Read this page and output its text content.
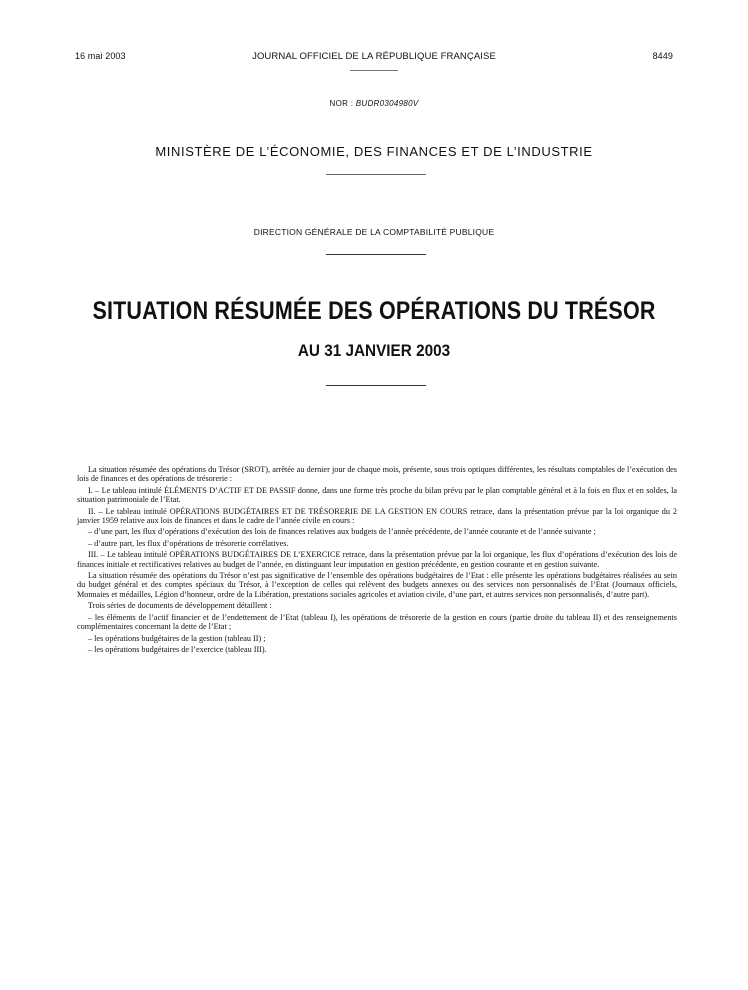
16 mai 2003	JOURNAL OFFICIEL DE LA RÉPUBLIQUE FRANÇAISE	8449
NOR : BUDR0304980V
MINISTÈRE DE L’ÉCONOMIE, DES FINANCES ET DE L’INDUSTRIE
DIRECTION GÉNÉRALE DE LA COMPTABILITÉ PUBLIQUE
SITUATION RÉSUMÉE DES OPÉRATIONS DU TRÉSOR
AU 31 JANVIER 2003

La situation résumée des opérations du Trésor (SROT), arrêtée au dernier jour de chaque mois, présente, sous trois optiques différentes, les résultats comptables de l’exécution des lois de finances et des opérations de trésorerie :

I. – Le tableau intitulé ÉLÉMENTS D’ACTIF ET DE PASSIF donne, dans une forme très proche du bilan prévu par le plan comptable général et à la fois en flux et en soldes, la situation patrimoniale de l’Etat.

II. – Le tableau intitulé OPÉRATIONS BUDGÉTAIRES ET DE TRÉSORERIE DE LA GESTION EN COURS retrace, dans la présentation prévue par la loi organique du 2 janvier 1959 relative aux lois de finances et dans le cadre de l’année civile en cours :

– d’une part, les flux d’opérations d’exécution des lois de finances relatives aux budgets de l’année précédente, de l’année courante et de l’année suivante ;

– d’autre part, les flux d’opérations de trésorerie corrélatives.

III. – Le tableau intitulé OPÉRATIONS BUDGÉTAIRES DE L’EXERCICE retrace, dans la présentation prévue par la loi organique, les flux d’opérations d’exécution des lois de finances initiale et rectificatives relatives au budget de l’année, en distinguant leur imputation en gestion précédente, en gestion courante et en gestion suivante.

La situation résumée des opérations du Trésor n’est pas significative de l’ensemble des opérations budgétaires de l’Etat : elle présente les opérations budgétaires réalisées au sein du budget général et des comptes spéciaux du Trésor, à l’exception de celles qui relèvent des budgets annexes ou des services non personnalisés de l’Etat (Journaux officiels, Monnaies et médailles, Légion d’honneur, ordre de la Libération, prestations sociales agricoles et aviation civile, d’une part, et autres services non personnalisés, d’autre part).

Trois séries de documents de développement détaillent :

– les éléments de l’actif financier et de l’endettement de l’Etat (tableau I), les opérations de trésorerie de la gestion en cours (partie droite du tableau II) et des renseignements complémentaires concernant la dette de l’Etat ;

– les opérations budgétaires de la gestion (tableau II) ;

– les opérations budgétaires de l’exercice (tableau III).
